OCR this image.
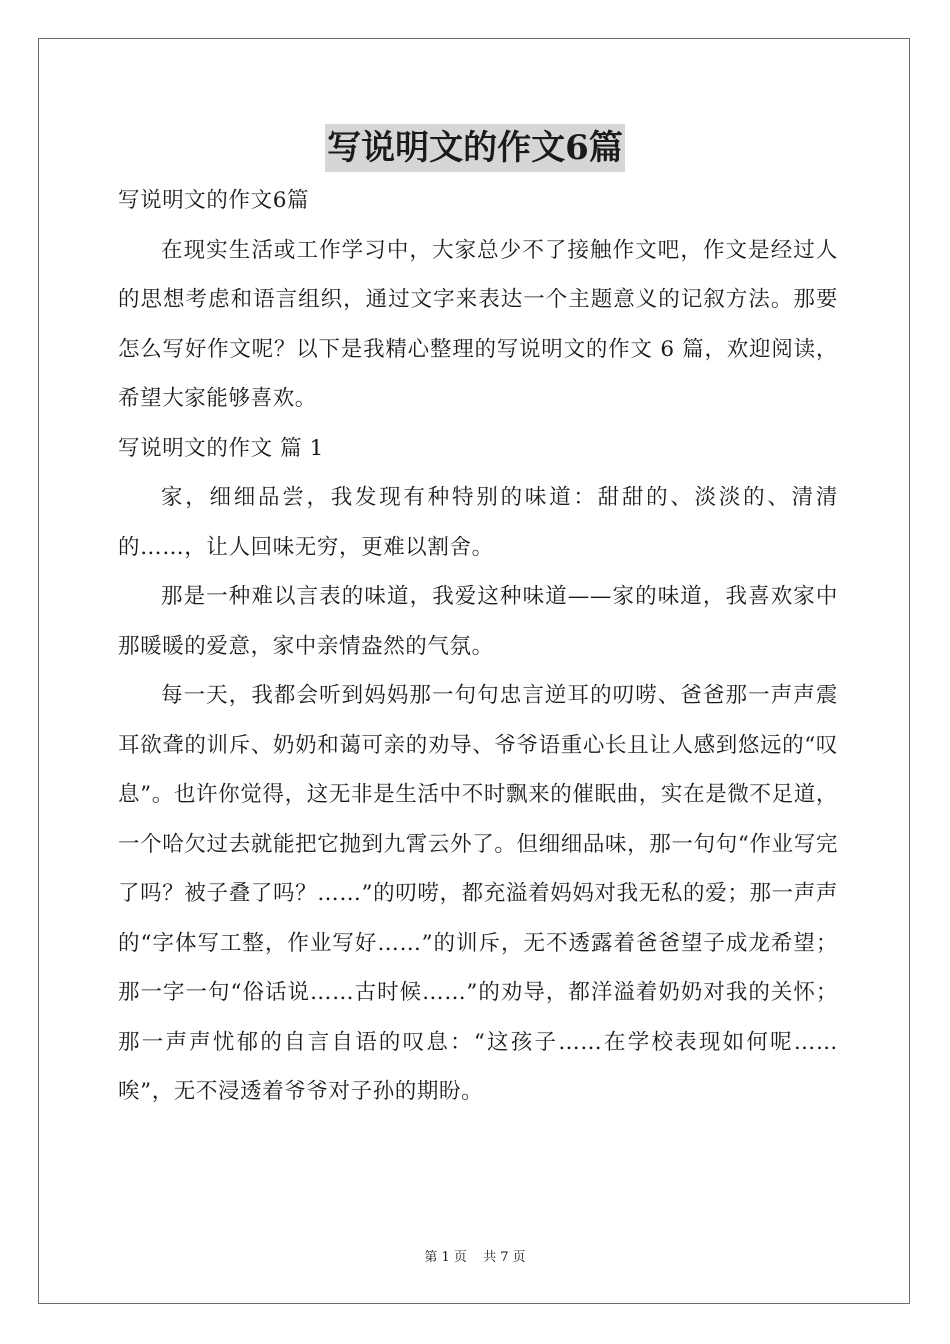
写说明文的作文6篇

写说明文的作文6篇

在现实生活或工作学习中，大家总少不了接触作文吧，作文是经过人的思想考虑和语言组织，通过文字来表达一个主题意义的记叙方法。那要怎么写好作文呢？以下是我精心整理的写说明文的作文 6 篇，欢迎阅读，希望大家能够喜欢。

写说明文的作文 篇 1

家，细细品尝，我发现有种特别的味道：甜甜的、淡淡的、清清的……，让人回味无穷，更难以割舍。

那是一种难以言表的味道，我爱这种味道——家的味道，我喜欢家中那暖暖的爱意，家中亲情盎然的气氛。

每一天，我都会听到妈妈那一句句忠言逆耳的叨唠、爸爸那一声声震耳欲聋的训斥、奶奶和蔼可亲的劝导、爷爷语重心长且让人感到悠远的“叹息”。也许你觉得，这无非是生活中不时飘来的催眠曲，实在是微不足道，一个哈欠过去就能把它抛到九霄云外了。但细细品味，那一句句“作业写完了吗？被子叠了吗？……”的叨唠，都充溢着妈妈对我无私的爱；那一声声的“字体写工整，作业写好……”的训斥，无不透露着爸爸望子成龙希望；那一字一句“俗话说……古时候……”的劝导，都洋溢着奶奶对我的关怀；那一声声忧郁的自言自语的叹息：“这孩子……在学校表现如何呢……唉”，无不浸透着爷爷对子孙的期盼。

第 1 页 共 7 页
